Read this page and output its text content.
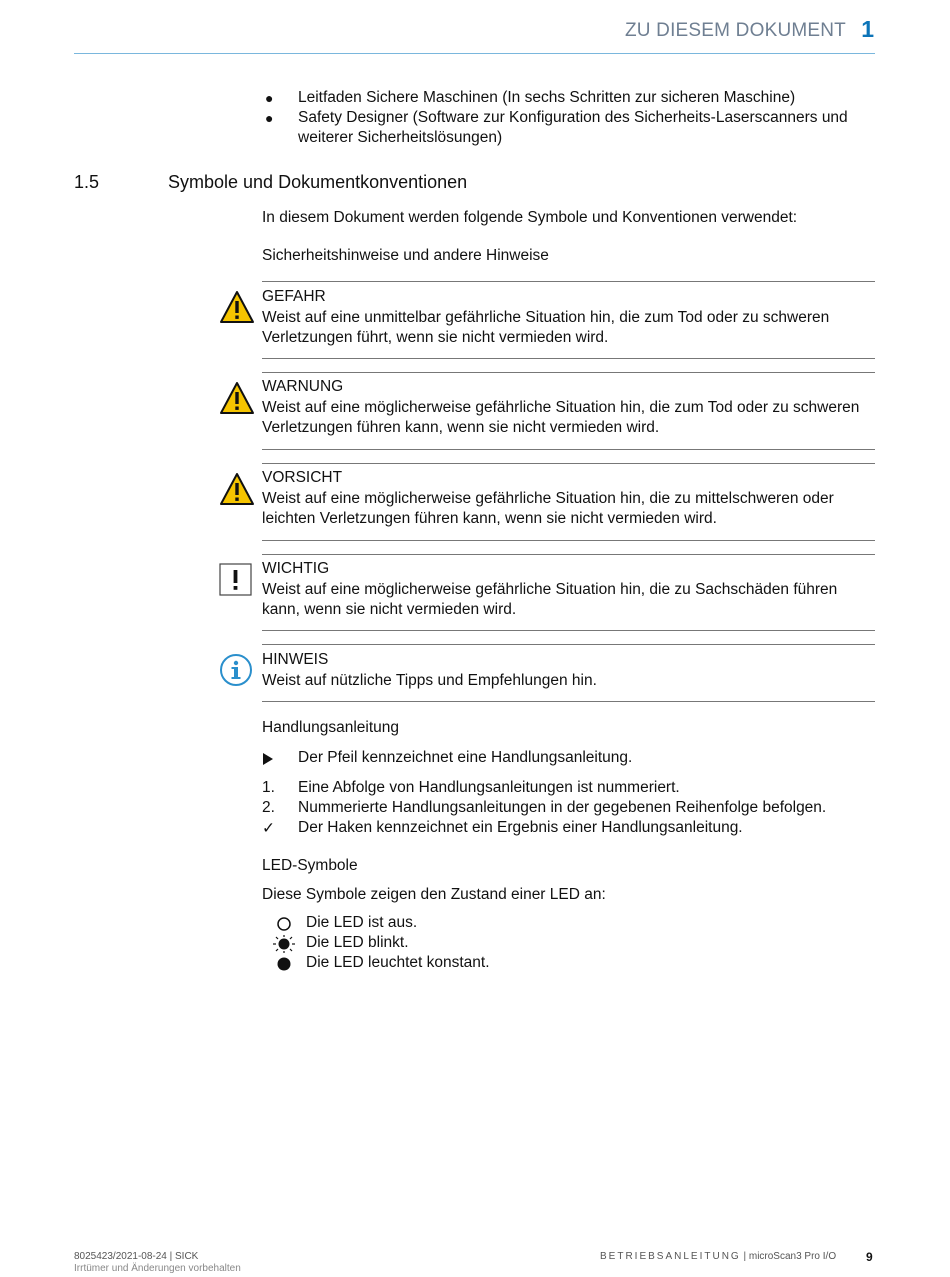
ZU DIESEM DOKUMENT 1
● Leitfaden Sichere Maschinen (In sechs Schritten zur sicheren Maschine)
● Safety Designer (Software zur Konfiguration des Sicherheits-Laserscanners und weiterer Sicherheitslösungen)
1.5	Symbole und Dokumentkonventionen
In diesem Dokument werden folgende Symbole und Konventionen verwendet:
Sicherheitshinweise und andere Hinweise
GEFAHR
Weist auf eine unmittelbar gefährliche Situation hin, die zum Tod oder zu schweren Verletzungen führt, wenn sie nicht vermieden wird.
WARNUNG
Weist auf eine möglicherweise gefährliche Situation hin, die zum Tod oder zu schweren Verletzungen führen kann, wenn sie nicht vermieden wird.
VORSICHT
Weist auf eine möglicherweise gefährliche Situation hin, die zu mittelschweren oder leichten Verletzungen führen kann, wenn sie nicht vermieden wird.
WICHTIG
Weist auf eine möglicherweise gefährliche Situation hin, die zu Sachschäden führen kann, wenn sie nicht vermieden wird.
HINWEIS
Weist auf nützliche Tipps und Empfehlungen hin.
Handlungsanleitung
Der Pfeil kennzeichnet eine Handlungsanleitung.
1. Eine Abfolge von Handlungsanleitungen ist nummeriert.
2. Nummerierte Handlungsanleitungen in der gegebenen Reihenfolge befolgen.
✓ Der Haken kennzeichnet ein Ergebnis einer Handlungsanleitung.
LED-Symbole
Diese Symbole zeigen den Zustand einer LED an:
Die LED ist aus.
Die LED blinkt.
Die LED leuchtet konstant.
8025423/2021-08-24 | SICK
Irrtümer und Änderungen vorbehalten
BETRIEBSANLEITUNG | microScan3 Pro I/O 9
